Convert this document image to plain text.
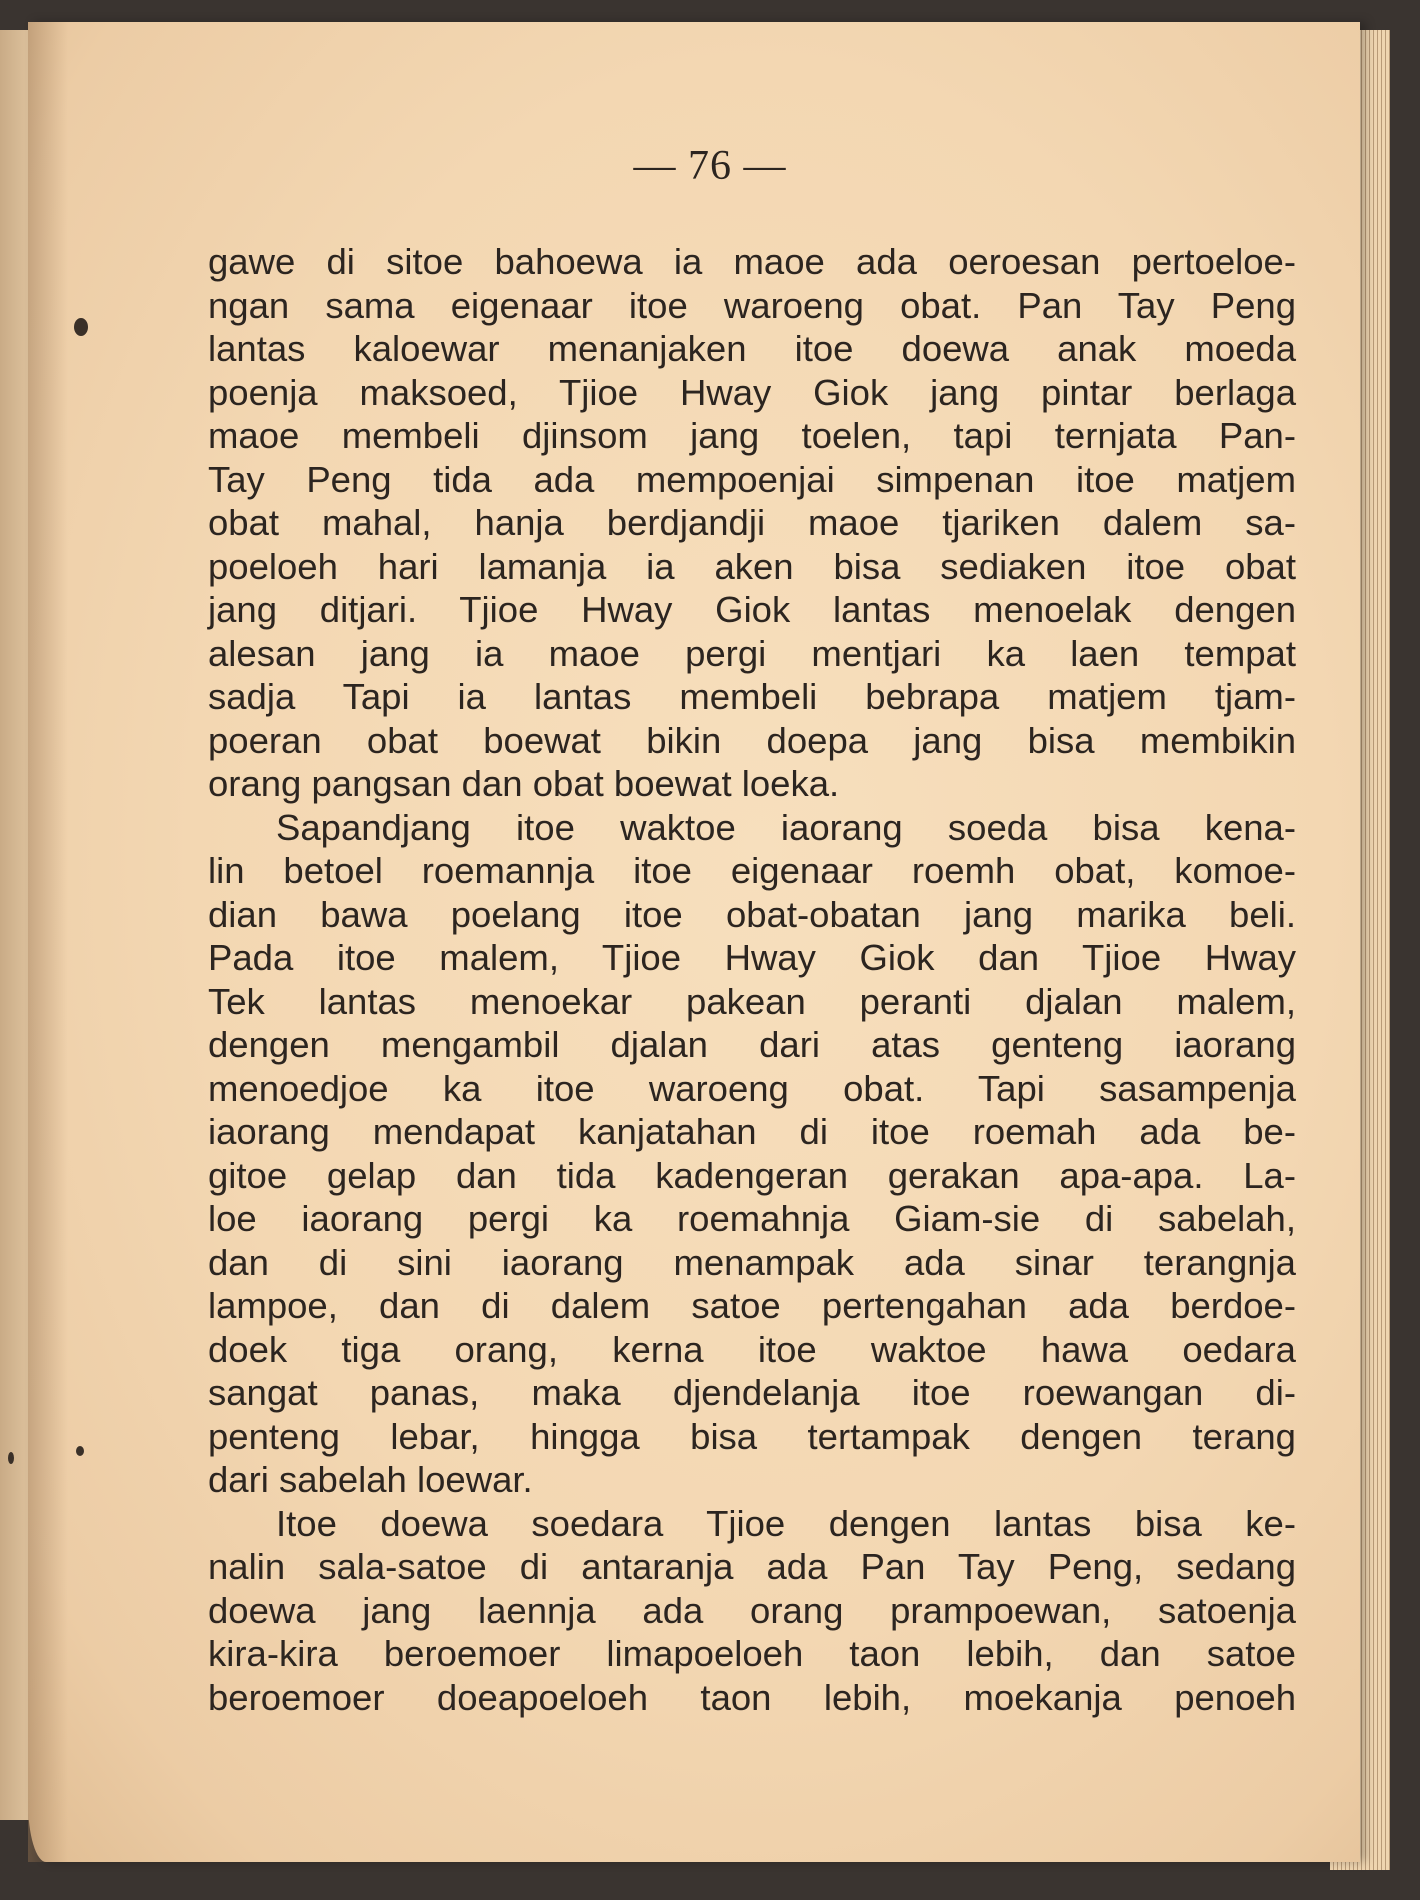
— 76 —
gawe di sitoe bahoewa ia maoe ada oeroesan pertoeloe-
ngan sama eigenaar itoe waroeng obat. Pan Tay Peng
lantas kaloewar menanjaken itoe doewa anak moeda
poenja maksoed, Tjioe Hway Giok jang pintar berlaga
maoe membeli djinsom jang toelen, tapi ternjata Pan-
Tay Peng tida ada mempoenjai simpenan itoe matjem
obat mahal, hanja berdjandji maoe tjariken dalem sa-
poeloeh hari lamanja ia aken bisa sediaken itoe obat
jang ditjari. Tjioe Hway Giok lantas menoelak dengen
alesan jang ia maoe pergi mentjari ka laen tempat
sadja Tapi ia lantas membeli bebrapa matjem tjam-
poeran obat boewat bikin doepa jang bisa membikin
orang pangsan dan obat boewat loeka.
Sapandjang itoe waktoe iaorang soeda bisa kena-
lin betoel roemannja itoe eigenaar roemh obat, komoe-
dian bawa poelang itoe obat-obatan jang marika beli.
Pada itoe malem, Tjioe Hway Giok dan Tjioe Hway
Tek lantas menoekar pakean peranti djalan malem,
dengen mengambil djalan dari atas genteng iaorang
menoedjoe ka itoe waroeng obat. Tapi sasampenja
iaorang mendapat kanjatahan di itoe roemah ada be-
gitoe gelap dan tida kadengeran gerakan apa-apa. La-
loe iaorang pergi ka roemahnja Giam-sie di sabelah,
dan di sini iaorang menampak ada sinar terangnja
lampoe, dan di dalem satoe pertengahan ada berdoe-
doek tiga orang, kerna itoe waktoe hawa oedara
sangat panas, maka djendelanja itoe roewangan di-
penteng lebar, hingga bisa tertampak dengen terang
dari sabelah loewar.
Itoe doewa soedara Tjioe dengen lantas bisa ke-
nalin sala-satoe di antaranja ada Pan Tay Peng, sedang
doewa jang laennja ada orang prampoewan, satoenja
kira-kira beroemoer limapoeloeh taon lebih, dan satoe
beroemoer doeapoeloeh taon lebih, moekanja penoeh
